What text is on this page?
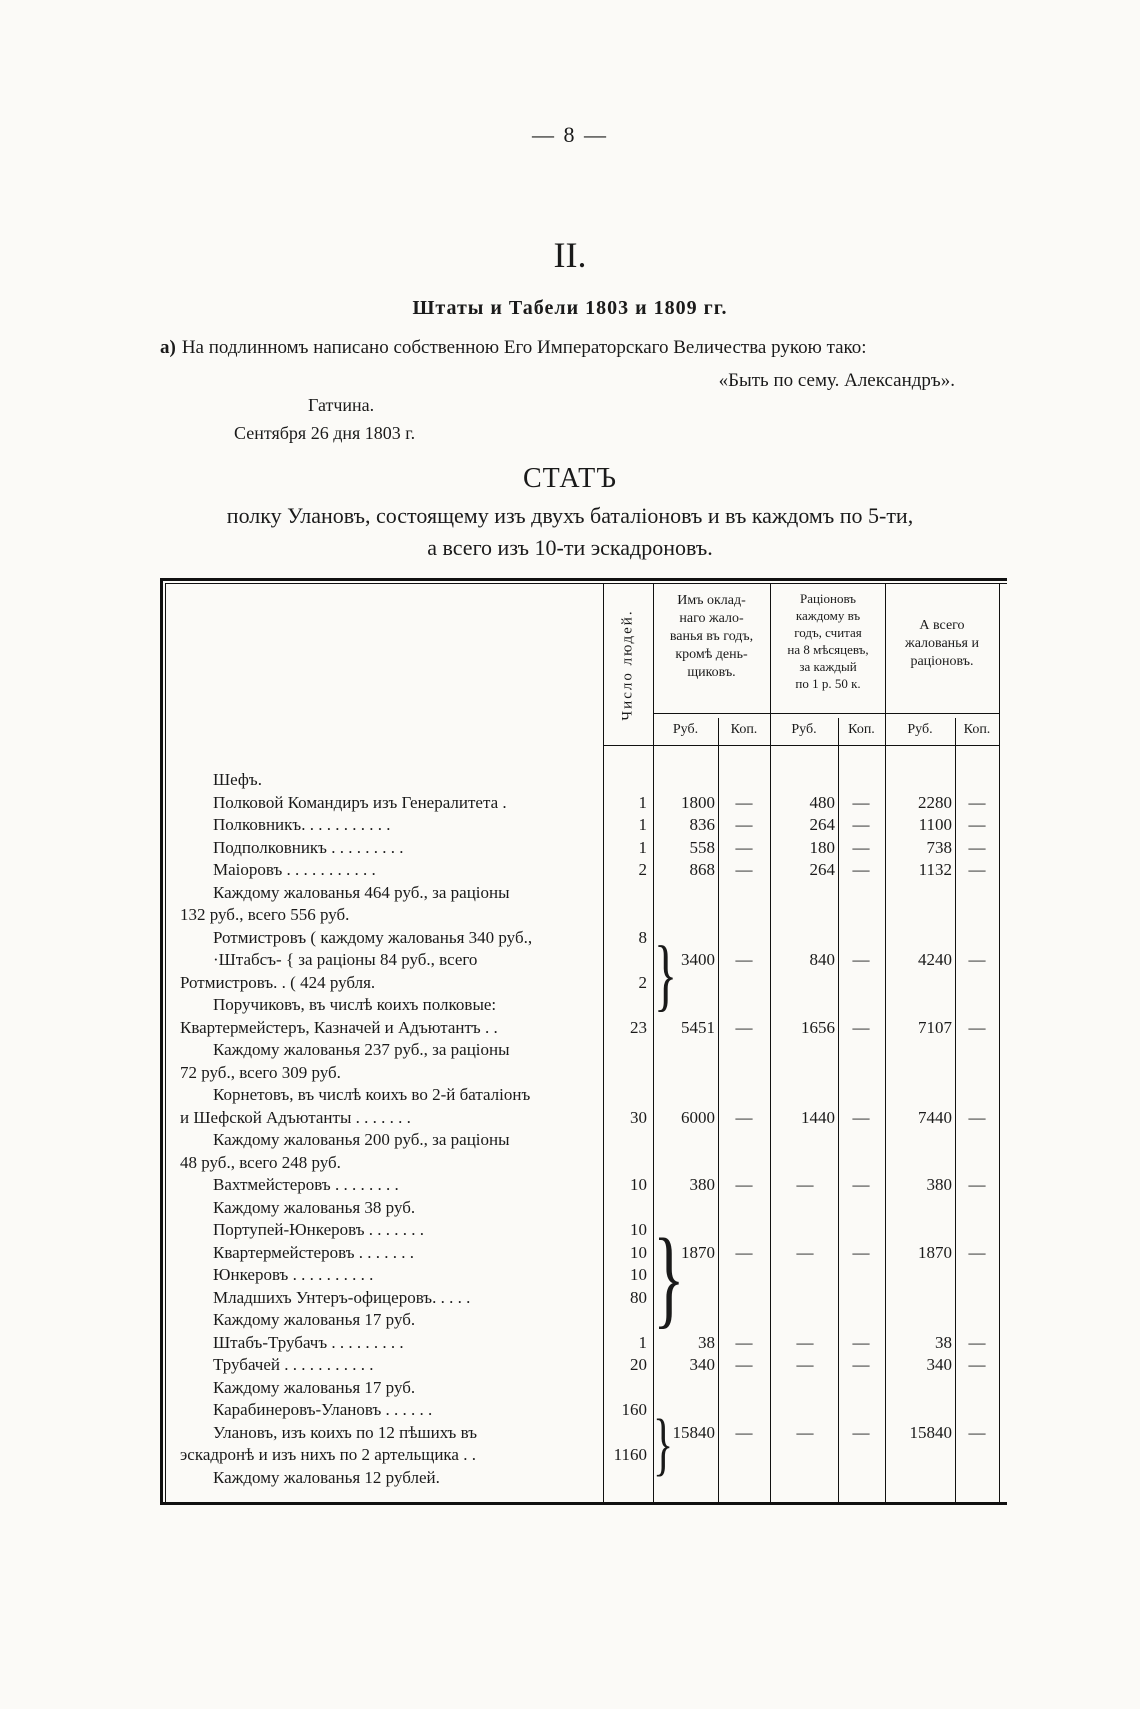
— 8 —
II.
Штаты и Табели 1803 и 1809 гг.
а) На подлинномъ написано собственною Его Императорскаго Величества рукою тако:
«Быть по сему. Александръ».
Гатчина.
Сентября 26 дня 1803 г.
СТАТЪ
полку Улановъ, состоящему изъ двухъ баталіоновъ и въ каждомъ по 5-ти,
а всего изъ 10-ти эскадроновъ.
Число людей.
Имъ оклад-
наго жало-
ванья въ годъ,
кромѣ день-
щиковъ.
Раціоновъ
каждому въ
годъ, считая
на 8 мѣсяцевъ,
за каждый
по 1 р. 50 к.
А всего
жалованья и
раціоновъ.
Руб.	Коп.	Руб.	Коп.	Руб.	Коп.
}
}
}
Шефъ.
Полковой Командиръ изъ Генералитета .	1	1800	—	480	—	2280 —
Полковникъ. . . . . . . . . . .	1	836	—	264	—	1100 —
Подполковникъ . . . . . . . . .	1	558	—	180	—	738 —
Маіоровъ . . . . . . . . . . .	2	868	—	264	—	1132 —
Каждому жалованья 464 руб., за раціоны
132 руб., всего 556 руб.
Ротмистровъ ( каждому жалованья 340 руб.,	8
·Штабсъ- { за раціоны 84 руб., всего	3400	—	840	—	4240 —
Ротмистровъ. . ( 424 рубля.	2
Поручиковъ, въ числѣ коихъ полковые:
Квартермейстеръ, Казначей и Адъютантъ . .	23	5451	—	1656	—	7107 —
Каждому жалованья 237 руб., за раціоны
72 руб., всего 309 руб.
Корнетовъ, въ числѣ коихъ во 2-й баталіонъ
и Шефской Адъютанты . . . . . . .	30	6000	—	1440	—	7440 —
Каждому жалованья 200 руб., за раціоны
48 руб., всего 248 руб.
Вахтмейстеровъ . . . . . . . .	10	380	—	—	—	380 —
Каждому жалованья 38 руб.
Портупей-Юнкеровъ . . . . . . .	10
Квартермейстеровъ . . . . . . .	10	1870	—	—	—	1870 —
Юнкеровъ . . . . . . . . . .	10
Младшихъ Унтеръ-офицеровъ. . . . .	80
Каждому жалованья 17 руб.
Штабъ-Трубачъ . . . . . . . . .	1	38	—	—	—	38 —
Трубачей . . . . . . . . . . .	20	340	—	—	—	340 —
Каждому жалованья 17 руб.
Карабинеровъ-Улановъ . . . . . .	160
Улановъ, изъ коихъ по 12 пѣшихъ въ	15840	—	—	—	15840 —
эскадронѣ и изъ нихъ по 2 артельщика . .	1160
Каждому жалованья 12 рублей.
